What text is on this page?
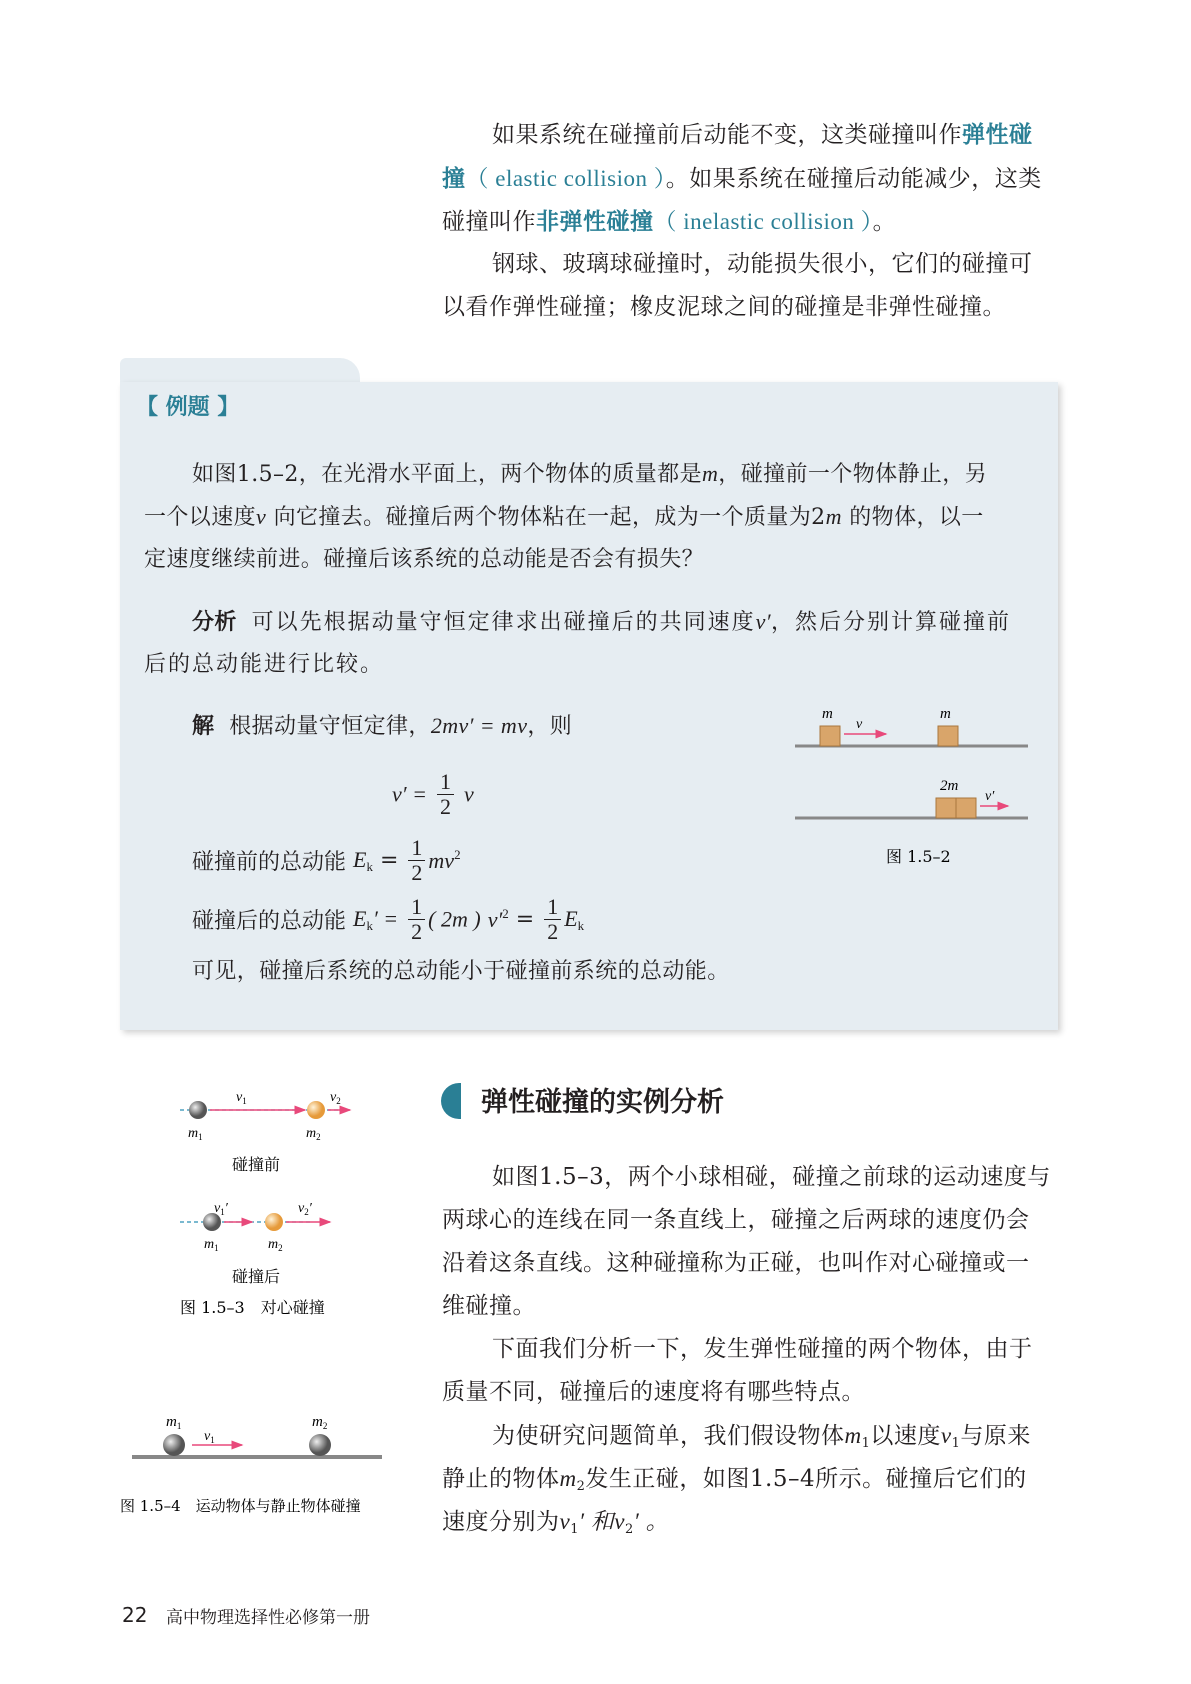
如果系统在碰撞前后动能不变，这类碰撞叫作弹性碰
撞（ elastic collision ）。如果系统在碰撞后动能减少，这类
碰撞叫作非弹性碰撞（ inelastic collision ）。
钢球、玻璃球碰撞时，动能损失很小，它们的碰撞可
以看作弹性碰撞；橡皮泥球之间的碰撞是非弹性碰撞。
【 例题 】
如图1.5–2，在光滑水平面上，两个物体的质量都是m，碰撞前一个物体静止，另
一个以速度v 向它撞去。碰撞后两个物体粘在一起，成为一个质量为2m 的物体，以一
定速度继续前进。碰撞后该系统的总动能是否会有损失？
分析 可以先根据动量守恒定律求出碰撞后的共同速度v′，然后分别计算碰撞前
后的总动能进行比较。
解 根据动量守恒定律，2mv′ = mv，则
$v' = \frac{1}{2}$ v
碰撞前的总动能 $E_k = \frac{1}{2} mv^2$
碰撞后的总动能 $E_k' = \frac{1}{2}$ ( 2m ) $v'^2 = \frac{1}{2} E_k$
可见，碰撞后系统的总动能小于碰撞前系统的总动能。
m
v
m
2m
v′
图 1.5–2
$v_1$	$v_2$
$m_1$	$m_2$
碰撞前
$v_1'$	$v_2'$
$m_1$	$m_2$
碰撞后
图 1.5–3　对心碰撞
$m_1$
$v_1$
$m_2$
图 1.5–4　运动物体与静止物体碰撞
弹性碰撞的实例分析
如图1.5–3，两个小球相碰，碰撞之前球的运动速度与
两球心的连线在同一条直线上，碰撞之后两球的速度仍会
沿着这条直线。这种碰撞称为正碰，也叫作对心碰撞或一
维碰撞。
下面我们分析一下，发生弹性碰撞的两个物体，由于
质量不同，碰撞后的速度将有哪些特点。
为使研究问题简单，我们假设物体$m_1$以速度$v_1$与原来
静止的物体$m_2$发生正碰，如图1.5–4所示。碰撞后它们的
速度分别为$v_1'$ 和$v_2'$ 。
22 高中物理选择性必修第一册
